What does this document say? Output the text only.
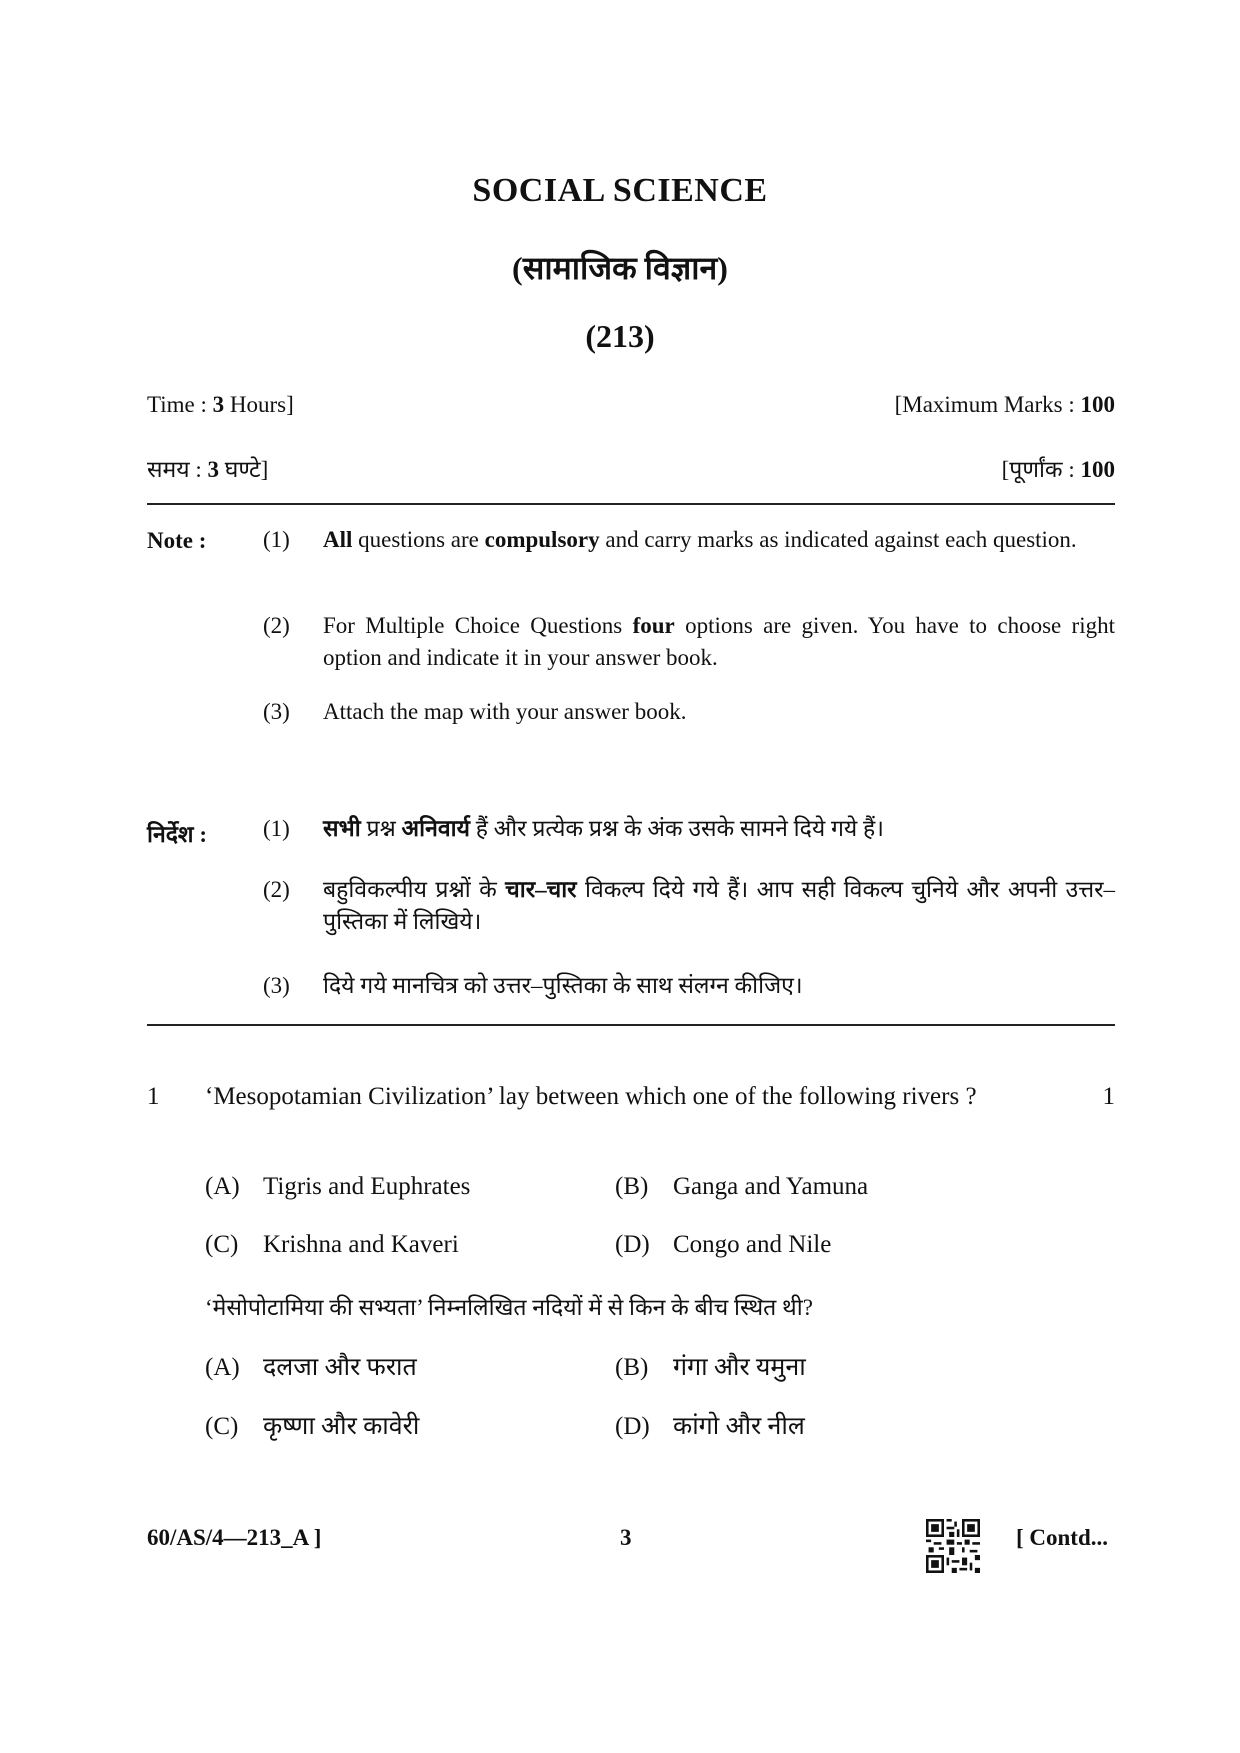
SOCIAL SCIENCE
(सामाजिक विज्ञान)
(213)
Time : 3 Hours]	[Maximum Marks : 100
समय : 3 घण्टे]	[पूर्णांक : 100
Note : (1) All questions are compulsory and carry marks as indicated against each question.
(2) For Multiple Choice Questions four options are given. You have to choose right option and indicate it in your answer book.
(3) Attach the map with your answer book.
निर्देश : (1) सभी प्रश्न अनिवार्य हैं और प्रत्येक प्रश्न के अंक उसके सामने दिये गये हैं।
(2) बहुविकल्पीय प्रश्नों के चार–चार विकल्प दिये गये हैं। आप सही विकल्प चुनिये और अपनी उत्तर–पुस्तिका में लिखिये।
(3) दिये गये मानचित्र को उत्तर–पुस्तिका के साथ संलग्न कीजिए।
1 ‘Mesopotamian Civilization’ lay between which one of the following rivers ?	1
(A) Tigris and Euphrates	(B) Ganga and Yamuna
(C) Krishna and Kaveri	(D) Congo and Nile
‘मेसोपोटामिया की सभ्यता’ निम्नलिखित नदियों में से किन के बीच स्थित थी?
(A) दलजा और फरात	(B) गंगा और यमुना
(C) कृष्णा और कावेरी	(D) कांगो और नील
60/AS/4—213_A ]	3	[ Contd...
